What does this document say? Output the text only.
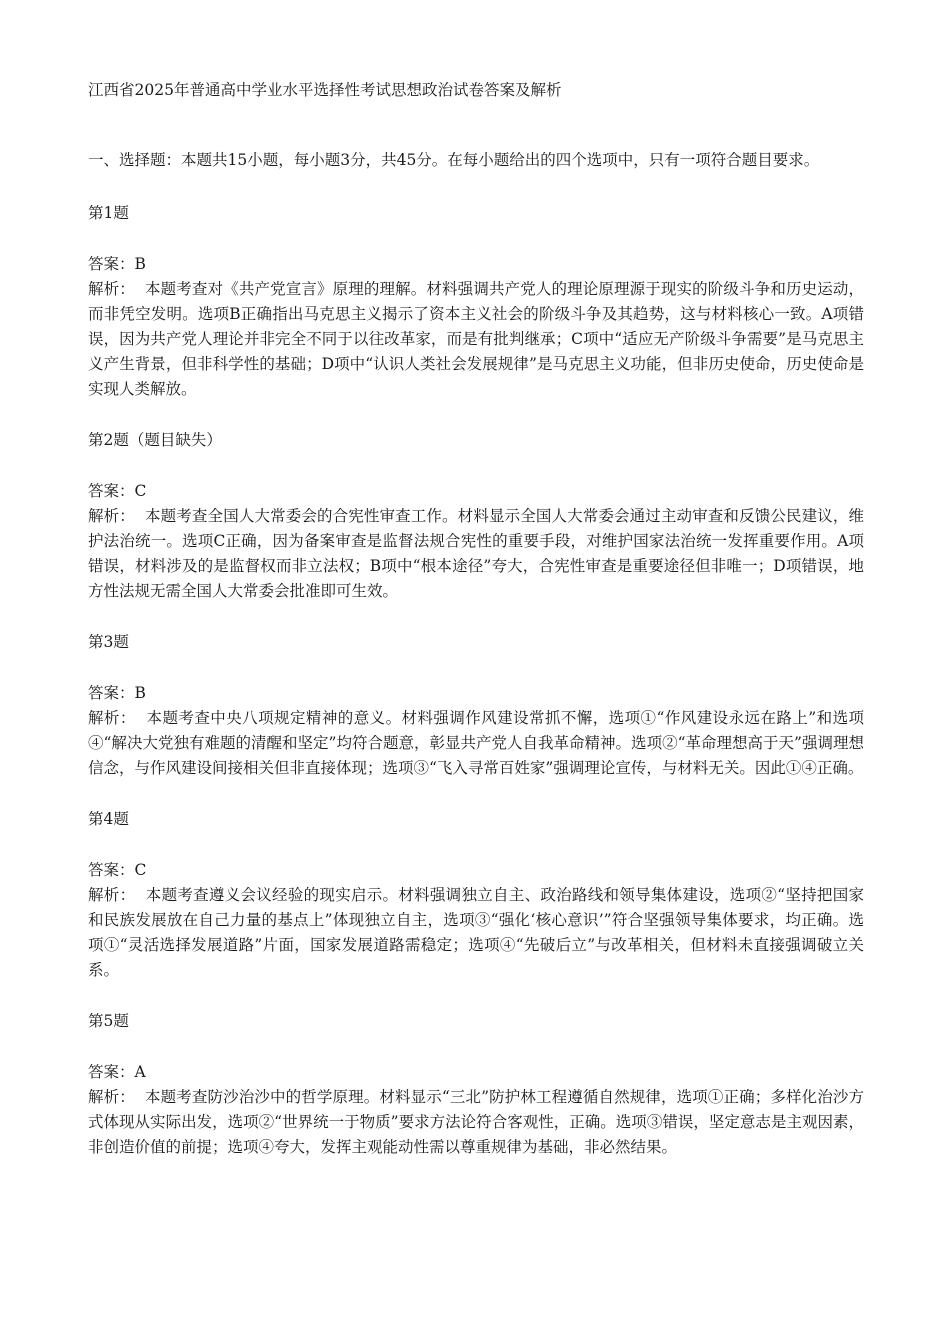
江西省2025年普通高中学业水平选择性考试思想政治试卷答案及解析
一、选择题：本题共15小题，每小题3分，共45分。在每小题给出的四个选项中，只有一项符合题目要求。
第1题
答案：B
解析：  本题考查对《共产党宣言》原理的理解。材料强调共产党人的理论原理源于现实的阶级斗争和历史运动，而非凭空发明。选项B正确指出马克思主义揭示了资本主义社会的阶级斗争及其趋势，这与材料核心一致。A项错误，因为共产党人理论并非完全不同于以往改革家，而是有批判继承；C项中“适应无产阶级斗争需要”是马克思主义产生背景，但非科学性的基础；D项中“认识人类社会发展规律”是马克思主义功能，但非历史使命，历史使命是实现人类解放。
第2题（题目缺失）
答案：C
解析：  本题考查全国人大常委会的合宪性审查工作。材料显示全国人大常委会通过主动审查和反馈公民建议，维护法治统一。选项C正确，因为备案审查是监督法规合宪性的重要手段，对维护国家法治统一发挥重要作用。A项错误，材料涉及的是监督权而非立法权；B项中“根本途径”夸大，合宪性审查是重要途径但非唯一；D项错误，地方性法规无需全国人大常委会批准即可生效。
第3题
答案：B
解析：  本题考查中央八项规定精神的意义。材料强调作风建设常抓不懈，选项①“作风建设永远在路上”和选项④“解决大党独有难题的清醒和坚定”均符合题意，彰显共产党人自我革命精神。选项②“革命理想高于天”强调理想信念，与作风建设间接相关但非直接体现；选项③“飞入寻常百姓家”强调理论宣传，与材料无关。因此①④正确。
第4题
答案：C
解析：  本题考查遵义会议经验的现实启示。材料强调独立自主、政治路线和领导集体建设，选项②“坚持把国家和民族发展放在自己力量的基点上”体现独立自主，选项③“强化‘核心意识’”符合坚强领导集体要求，均正确。选项①“灵活选择发展道路”片面，国家发展道路需稳定；选项④“先破后立”与改革相关，但材料未直接强调破立关系。
第5题
答案：A
解析：  本题考查防沙治沙中的哲学原理。材料显示“三北”防护林工程遵循自然规律，选项①正确；多样化治沙方式体现从实际出发，选项②“世界统一于物质”要求方法论符合客观性，正确。选项③错误，坚定意志是主观因素，非创造价值的前提；选项④夸大，发挥主观能动性需以尊重规律为基础，非必然结果。
